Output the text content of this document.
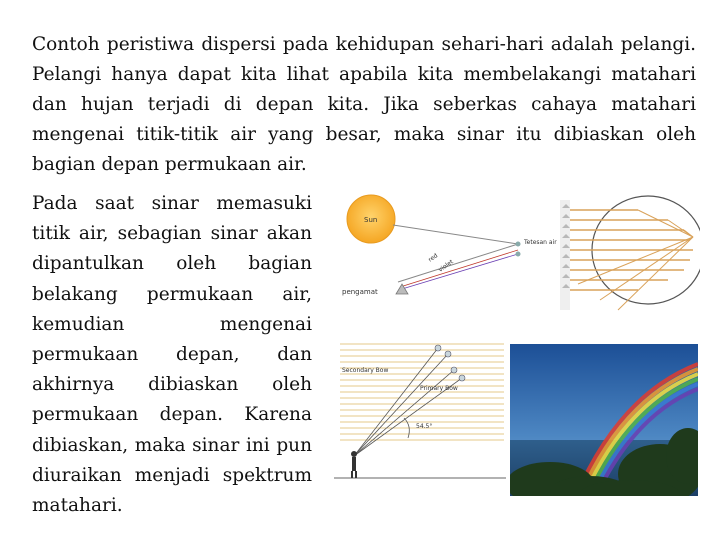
Contoh peristiwa dispersi pada kehidupan sehari-hari adalah pelangi. Pelangi hanya dapat kita lihat apabila kita membelakangi matahari dan hujan terjadi di depan kita. Jika seberkas cahaya matahari mengenai titik-titik air yang besar, maka sinar itu dibiaskan oleh bagian depan permukaan air.

Pada saat sinar memasuki titik air, sebagian sinar akan dipantulkan oleh bagian belakang permukaan air, kemudian mengenai permukaan depan, dan akhirnya dibiaskan oleh permukaan depan. Karena dibiaskan, maka sinar ini pun diuraikan menjadi spektrum matahari.

Sun
Tetesan air
red
violet
pengamat
Secondary Bow
Primary Bow
54.5°
